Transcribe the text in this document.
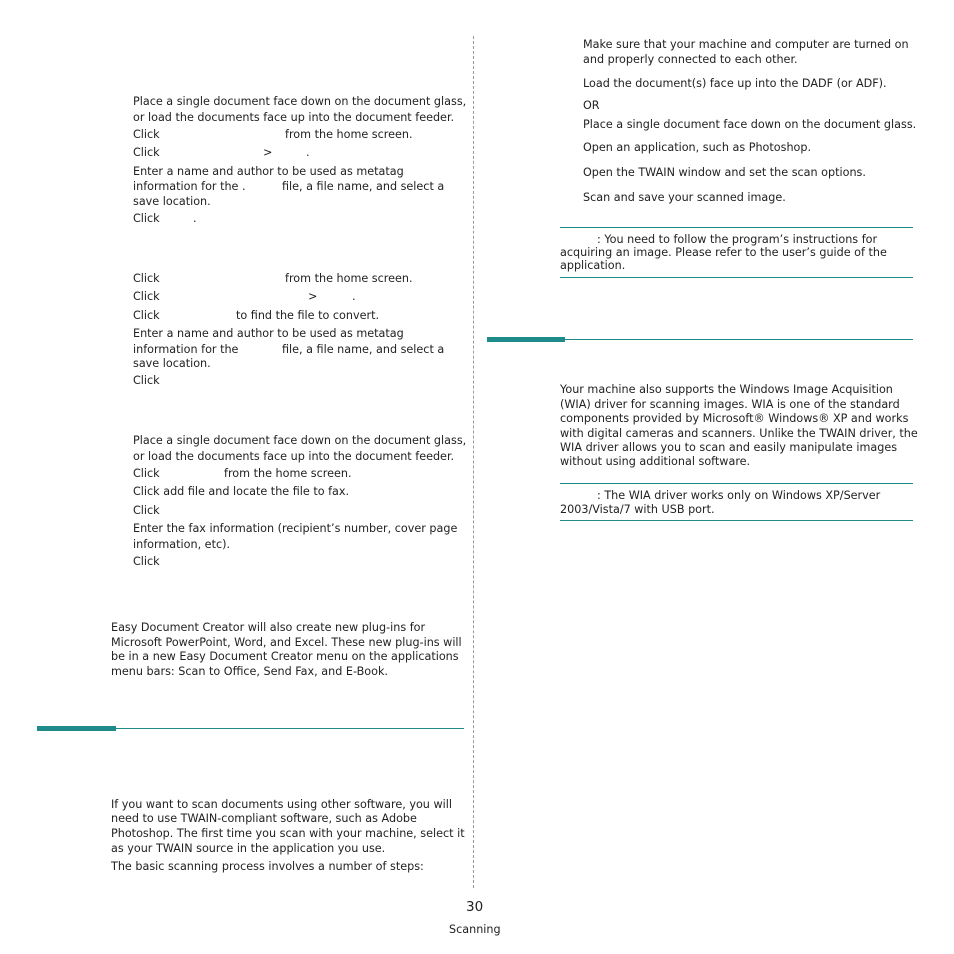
Place a single document face down on the document glass,
or load the documents face up into the document feeder.
Click	from the home screen.
Click	>	.
Enter a name and author to be used as metatag
information for the .	file, a file name, and select a
save location.
Click	.
Click	from the home screen.
Click	>	.
Click	to find the file to convert.
Enter a name and author to be used as metatag
information for the	file, a file name, and select a
save location.
Click
Place a single document face down on the document glass,
or load the documents face up into the document feeder.
Click	from the home screen.
Click add file and locate the file to fax.
Click
Enter the fax information (recipient’s number, cover page
information, etc).
Click
Easy Document Creator will also create new plug-ins for
Microsoft PowerPoint, Word, and Excel. These new plug-ins will
be in a new Easy Document Creator menu on the applications
menu bars: Scan to Office, Send Fax, and E-Book.
If you want to scan documents using other software, you will
need to use TWAIN-compliant software, such as Adobe
Photoshop. The first time you scan with your machine, select it
as your TWAIN source in the application you use.
The basic scanning process involves a number of steps:
Make sure that your machine and computer are turned on
and properly connected to each other.
Load the document(s) face up into the DADF (or ADF).
OR
Place a single document face down on the document glass.
Open an application, such as Photoshop.
Open the TWAIN window and set the scan options.
Scan and save your scanned image.
: You need to follow the program’s instructions for
acquiring an image. Please refer to the user’s guide of the
application.
Your machine also supports the Windows Image Acquisition
(WIA) driver for scanning images. WIA is one of the standard
components provided by Microsoft® Windows® XP and works
with digital cameras and scanners. Unlike the TWAIN driver, the
WIA driver allows you to scan and easily manipulate images
without using additional software.
: The WIA driver works only on Windows XP/Server
2003/Vista/7 with USB port.
30
Scanning
